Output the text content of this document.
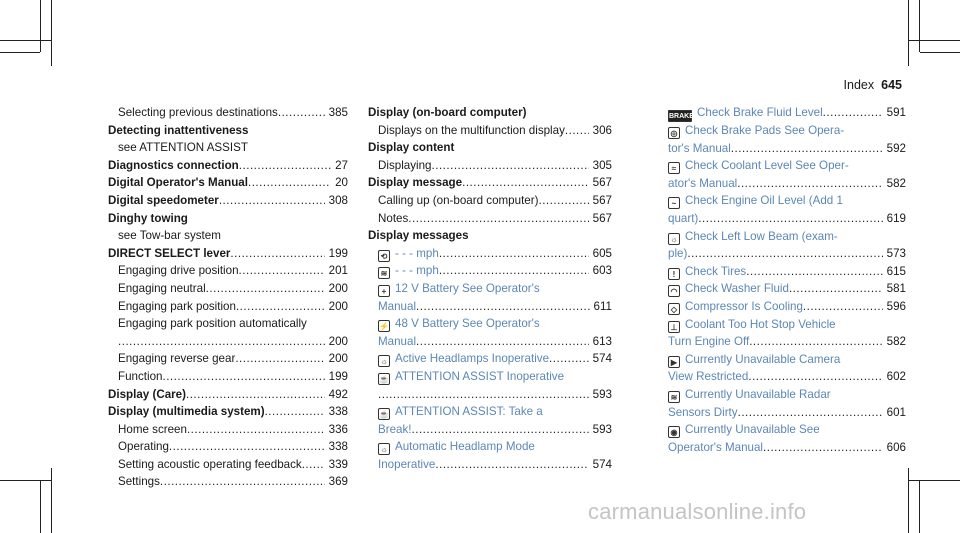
Index 645
Selecting previous destinations .....	385
Detecting inattentiveness
see ATTENTION ASSIST
Diagnostics connection .....	27
Digital Operator's Manual .....	20
Digital speedometer .....	308
Dinghy towing
see Tow-bar system
DIRECT SELECT lever .....	199
Engaging drive position .....	201
Engaging neutral .....	200
Engaging park position .....	200
Engaging park position automatically
.....
200
Engaging reverse gear .....	200
Function .....	199
Display (Care) .....	492
Display (multimedia system) .....	338
Home screen .....	336
Operating .....	338
Setting acoustic operating feedback .....	339
Settings .....	369
Display (on-board computer)
Displays on the multifunction display .....	306
Display content
Displaying .....	305
Display message .....	567
Calling up (on-board computer) .....	567
Notes .....	567
Display messages
⟲ - - - mph .....	605
≋ - - - mph .....	603
+ 12 V Battery See Operator's
Manual .....	611
⚡ 48 V Battery See Operator's
Manual .....	613
☼ Active Headlamps Inoperative .....	574
☕ ATTENTION ASSIST Inoperative
.....
593
☕ ATTENTION ASSIST: Take a
Break! .....	593
☼ Automatic Headlamp Mode
Inoperative .....	574
BRAKE Check Brake Fluid Level .....	591
◎ Check Brake Pads See Opera-
tor's Manual .....	592
≈ Check Coolant Level See Oper-
ator's Manual .....	582
~ Check Engine Oil Level (Add 1
quart) .....	619
☼ Check Left Low Beam (exam-
ple) .....	573
! Check Tires .....	615
◠ Check Washer Fluid .....	581
◇ Compressor Is Cooling .....	596
⊥ Coolant Too Hot Stop Vehicle
Turn Engine Off .....	582
▶ Currently Unavailable Camera
View Restricted .....	602
≋ Currently Unavailable Radar
Sensors Dirty .....	601
◉ Currently Unavailable See
Operator's Manual .....	606
carmanualsonline.info
